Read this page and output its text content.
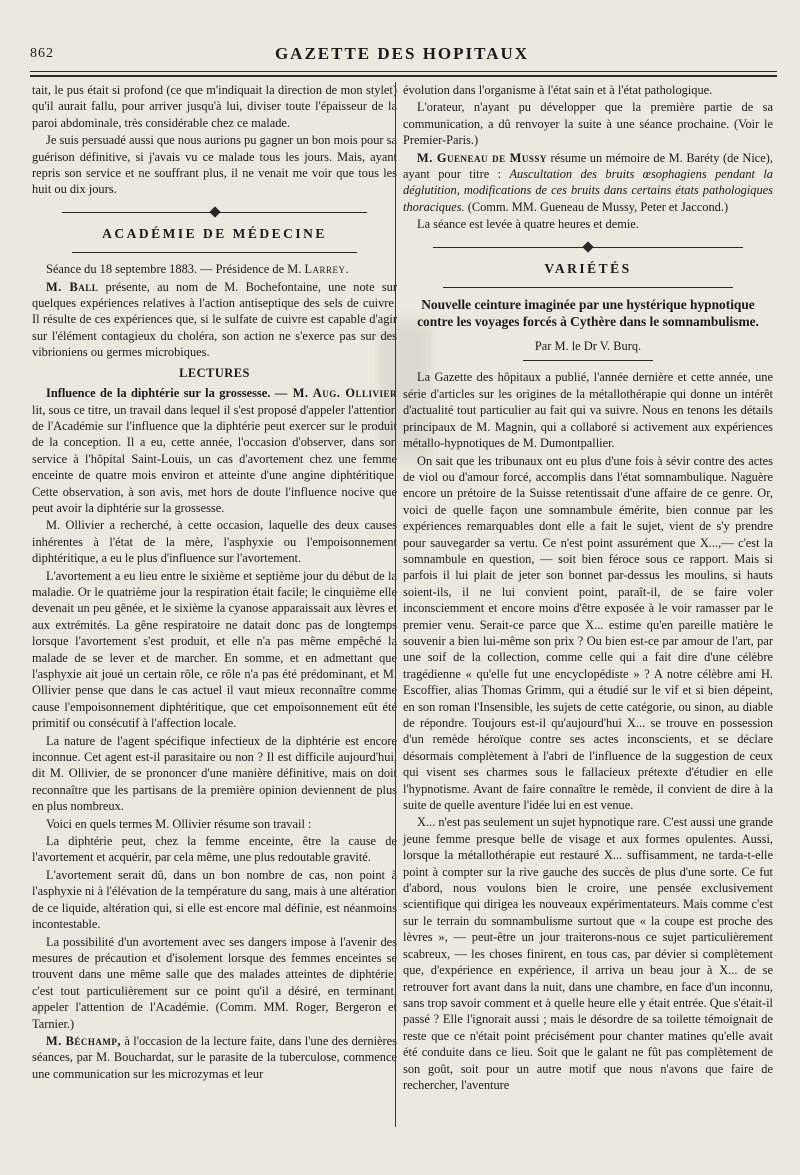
862	GAZETTE DES HOPITAUX

tait, le pus était si profond (ce que m'indiquait la direction de mon stylet) qu'il aurait fallu, pour arriver jusqu'à lui, diviser toute l'épaisseur de la paroi abdominale, très considérable chez ce malade.

Je suis persuadé aussi que nous aurions pu gagner un bon mois pour sa guérison définitive, si j'avais vu ce malade tous les jours. Mais, ayant repris son service et ne souffrant plus, il ne venait me voir que tous les huit ou dix jours.

ACADÉMIE DE MÉDECINE

Séance du 18 septembre 1883. — Présidence de M. Larrey.

M. Ball présente, au nom de M. Bochefontaine, une note sur quelques expériences relatives à l'action antiseptique des sels de cuivre. Il résulte de ces expériences que, si le sulfate de cuivre est capable d'agir sur l'élément contagieux du choléra, son action ne s'exerce pas sur des vibrioniens ou germes microbiques.

LECTURES

Influence de la diphtérie sur la grossesse. — M. Aug. Ollivier lit, sous ce titre, un travail dans lequel il s'est proposé d'appeler l'attention de l'Académie sur l'influence que la diphtérie peut exercer sur le produit de la conception. Il a eu, cette année, l'occasion d'observer, dans son service à l'hôpital Saint-Louis, un cas d'avortement chez une femme enceinte de quatre mois environ et atteinte d'une angine diphtéritique. Cette observation, à son avis, met hors de doute l'influence nocive que peut avoir la diphtérie sur la grossesse.

M. Ollivier a recherché, à cette occasion, laquelle des deux causes inhérentes à l'état de la mère, l'asphyxie ou l'empoisonnement diphtéritique, a eu le plus d'influence sur l'avortement.

L'avortement a eu lieu entre le sixième et septième jour du début de la maladie. Or le quatrième jour la respiration était facile; le cinquième elle devenait un peu gênée, et le sixième la cyanose apparaissait aux lèvres et aux extrémités. La gêne respiratoire ne datait donc pas de longtemps lorsque l'avortement s'est produit, et elle n'a pas même empêché la malade de se lever et de marcher. En somme, et en admettant que l'asphyxie ait joué un certain rôle, ce rôle n'a pas été prédominant, et M. Ollivier pense que dans le cas actuel il vaut mieux reconnaître comme cause l'empoisonnement diphtéritique, que cet empoisonnement eût été primitif ou consécutif à l'affection locale.

La nature de l'agent spécifique infectieux de la diphtérie est encore inconnue. Cet agent est-il parasitaire ou non ? Il est difficile aujourd'hui, dit M. Ollivier, de se prononcer d'une manière définitive, mais on doit reconnaître que les partisans de la première opinion deviennent de plus en plus nombreux.

Voici en quels termes M. Ollivier résume son travail :

La diphtérie peut, chez la femme enceinte, être la cause de l'avortement et acquérir, par cela même, une plus redoutable gravité.

L'avortement serait dû, dans un bon nombre de cas, non point à l'asphyxie ni à l'élévation de la température du sang, mais à une altération de ce liquide, altération qui, si elle est encore mal définie, est néanmoins incontestable.

La possibilité d'un avortement avec ses dangers impose à l'avenir des mesures de précaution et d'isolement lorsque des femmes enceintes se trouvent dans une même salle que des malades atteintes de diphtérie; c'est tout particulièrement sur ce point qu'il a désiré, en terminant, appeler l'attention de l'Académie. (Comm. MM. Roger, Bergeron et Tarnier.)

M. Béchamp, à l'occasion de la lecture faite, dans l'une des dernières séances, par M. Bouchardat, sur le parasite de la tuberculose, commence une communication sur les microzymas et leur

évolution dans l'organisme à l'état sain et à l'état pathologique.

L'orateur, n'ayant pu développer que la première partie de sa communication, a dû renvoyer la suite à une séance prochaine. (Voir le Premier-Paris.)

M. Gueneau de Mussy résume un mémoire de M. Baréty (de Nice), ayant pour titre : Auscultation des bruits œsophagiens pendant la déglutition, modifications de ces bruits dans certains états pathologiques thoraciques. (Comm. MM. Gueneau de Mussy, Peter et Jaccond.)

La séance est levée à quatre heures et demie.

VARIÉTÉS
Nouvelle ceinture imaginée par une hystérique hypnotique contre les voyages forcés à Cythère dans le somnambulisme.
Par M. le Dr V. Burq.

La Gazette des hôpitaux a publié, l'année dernière et cette année, une série d'articles sur les origines de la métallothérapie qui donne un intérêt d'actualité tout particulier au fait qui va suivre. Nous en tenons les détails principaux de M. Magnin, qui a collaboré si activement aux expériences métallo-hypnotiques de M. Dumontpallier.

On sait que les tribunaux ont eu plus d'une fois à sévir contre des actes de viol ou d'amour forcé, accomplis dans l'état somnambulique. Naguère encore un prétoire de la Suisse retentissait d'une affaire de ce genre. Or, voici de quelle façon une somnambule émérite, bien connue par les expériences remarquables dont elle a fait le sujet, vient de s'y prendre pour sauvegarder sa vertu. Ce n'est point assurément que X...,— c'est la somnambule en question, — soit bien féroce sous ce rapport. Mais si parfois il lui plait de jeter son bonnet par-dessus les moulins, si hauts soient-ils, il ne lui convient point, paraît-il, de se faire voler inconsciemment et encore moins d'être exposée à le voir ramasser par le premier venu. Serait-ce parce que X... estime qu'en pareille matière le souvenir a bien lui-même son prix ? Ou bien est-ce par amour de l'art, par une soif de la collection, comme celle qui a fait dire d'une célèbre tragédienne « qu'elle fut une encyclopédiste » ? A notre célèbre ami H. Escoffier, alias Thomas Grimm, qui a étudié sur le vif et si bien dépeint, en son roman l'Insensible, les sujets de cette catégorie, ou sinon, au diable de répondre. Toujours est-il qu'aujourd'hui X... se trouve en possession d'un remède héroïque contre ses actes inconscients, et se déclare désormais complètement à l'abri de l'influence de la suggestion de ceux qui visent ses charmes sous le fallacieux prétexte d'étudier en elle l'hypnotisme. Avant de faire connaître le remède, il convient de dire à la suite de quelle aventure l'idée lui en est venue.

X... n'est pas seulement un sujet hypnotique rare. C'est aussi une grande jeune femme presque belle de visage et aux formes opulentes. Aussi, lorsque la métallothérapie eut restauré X... suffisamment, ne tarda-t-elle point à compter sur la rive gauche des succès de plus d'une sorte. Ce fut d'abord, nous voulons bien le croire, une pensée exclusivement scientifique qui dirigea les nouveaux expérimentateurs. Mais comme c'est sur le terrain du somnambulisme surtout que « la coupe est proche des lèvres », — peut-être un jour traiterons-nous ce sujet particulièrement scabreux, — les choses finirent, en tous cas, par dévier si complètement que, d'expérience en expérience, il arriva un beau jour à X... de se retrouver fort avant dans la nuit, dans une chambre, en face d'un inconnu, sans trop savoir comment et à quelle heure elle y était entrée. Que s'était-il passé ? Elle l'ignorait aussi ; mais le désordre de sa toilette témoignait de reste que ce n'était point précisément pour chanter matines qu'elle avait été conduite dans ce lieu. Soit que le galant ne fût pas complètement de son goût, soit pour un autre motif que nous n'avons que faire de rechercher, l'aventure
